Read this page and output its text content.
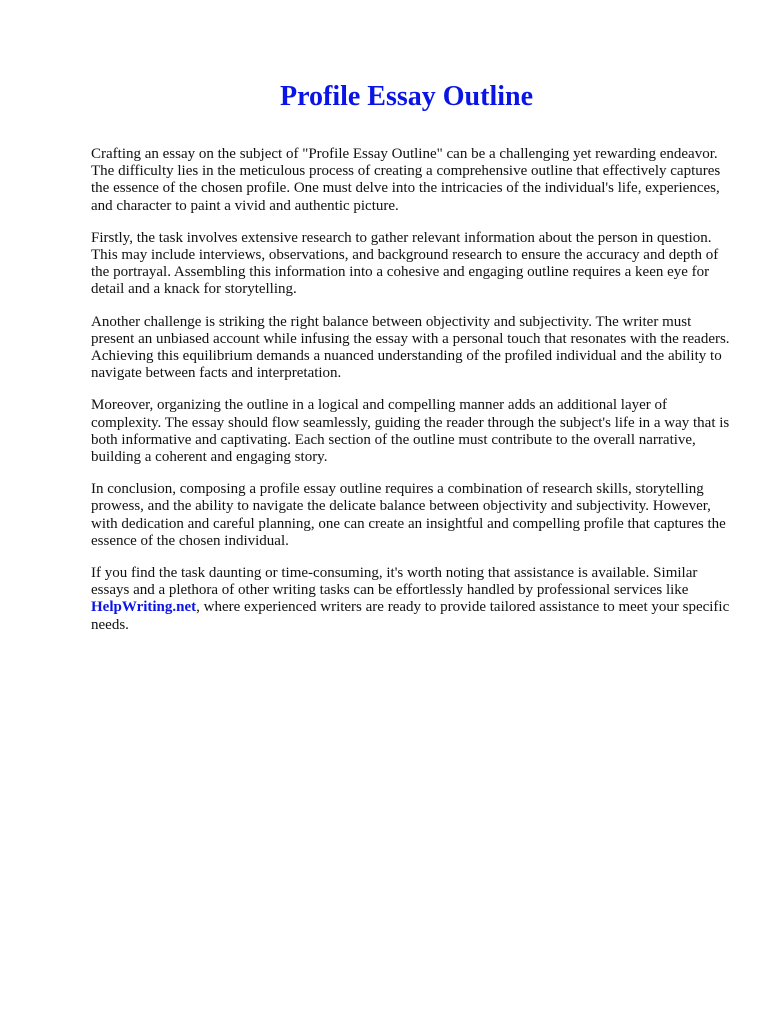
Profile Essay Outline

Crafting an essay on the subject of "Profile Essay Outline" can be a challenging yet rewarding endeavor. The difficulty lies in the meticulous process of creating a comprehensive outline that effectively captures the essence of the chosen profile. One must delve into the intricacies of the individual's life, experiences, and character to paint a vivid and authentic picture.

Firstly, the task involves extensive research to gather relevant information about the person in question. This may include interviews, observations, and background research to ensure the accuracy and depth of the portrayal. Assembling this information into a cohesive and engaging outline requires a keen eye for detail and a knack for storytelling.

Another challenge is striking the right balance between objectivity and subjectivity. The writer must present an unbiased account while infusing the essay with a personal touch that resonates with the readers. Achieving this equilibrium demands a nuanced understanding of the profiled individual and the ability to navigate between facts and interpretation.

Moreover, organizing the outline in a logical and compelling manner adds an additional layer of complexity. The essay should flow seamlessly, guiding the reader through the subject's life in a way that is both informative and captivating. Each section of the outline must contribute to the overall narrative, building a coherent and engaging story.

In conclusion, composing a profile essay outline requires a combination of research skills, storytelling prowess, and the ability to navigate the delicate balance between objectivity and subjectivity. However, with dedication and careful planning, one can create an insightful and compelling profile that captures the essence of the chosen individual.

If you find the task daunting or time-consuming, it's worth noting that assistance is available. Similar essays and a plethora of other writing tasks can be effortlessly handled by professional services like HelpWriting.net, where experienced writers are ready to provide tailored assistance to meet your specific needs.
